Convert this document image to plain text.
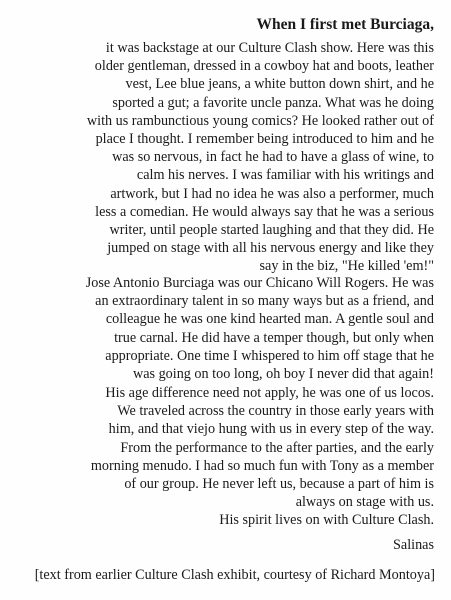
When I first met Burciaga,
it was backstage at our Culture Clash show. Here was this
older gentleman, dressed in a cowboy hat and boots, leather
vest, Lee blue jeans, a white button down shirt, and he
sported a gut; a favorite uncle panza. What was he doing
with us rambunctious young comics? He looked rather out of
place I thought. I remember being introduced to him and he
was so nervous, in fact he had to have a glass of wine, to
calm his nerves. I was familiar with his writings and
artwork, but I had no idea he was also a performer, much
less a comedian. He would always say that he was a serious
writer, until people started laughing and that they did. He
jumped on stage with all his nervous energy and like they
say in the biz, "He killed 'em!"
Jose Antonio Burciaga was our Chicano Will Rogers. He was
an extraordinary talent in so many ways but as a friend, and
colleague he was one kind hearted man. A gentle soul and
true carnal. He did have a temper though, but only when
appropriate. One time I whispered to him off stage that he
was going on too long, oh boy I never did that again!
His age difference need not apply, he was one of us locos.
We traveled across the country in those early years with
him, and that viejo hung with us in every step of the way.
From the performance to the after parties, and the early
morning menudo. I had so much fun with Tony as a member
of our group. He never left us, because a part of him is
always on stage with us.
His spirit lives on with Culture Clash.
Salinas
[text from earlier Culture Clash exhibit, courtesy of Richard Montoya]
